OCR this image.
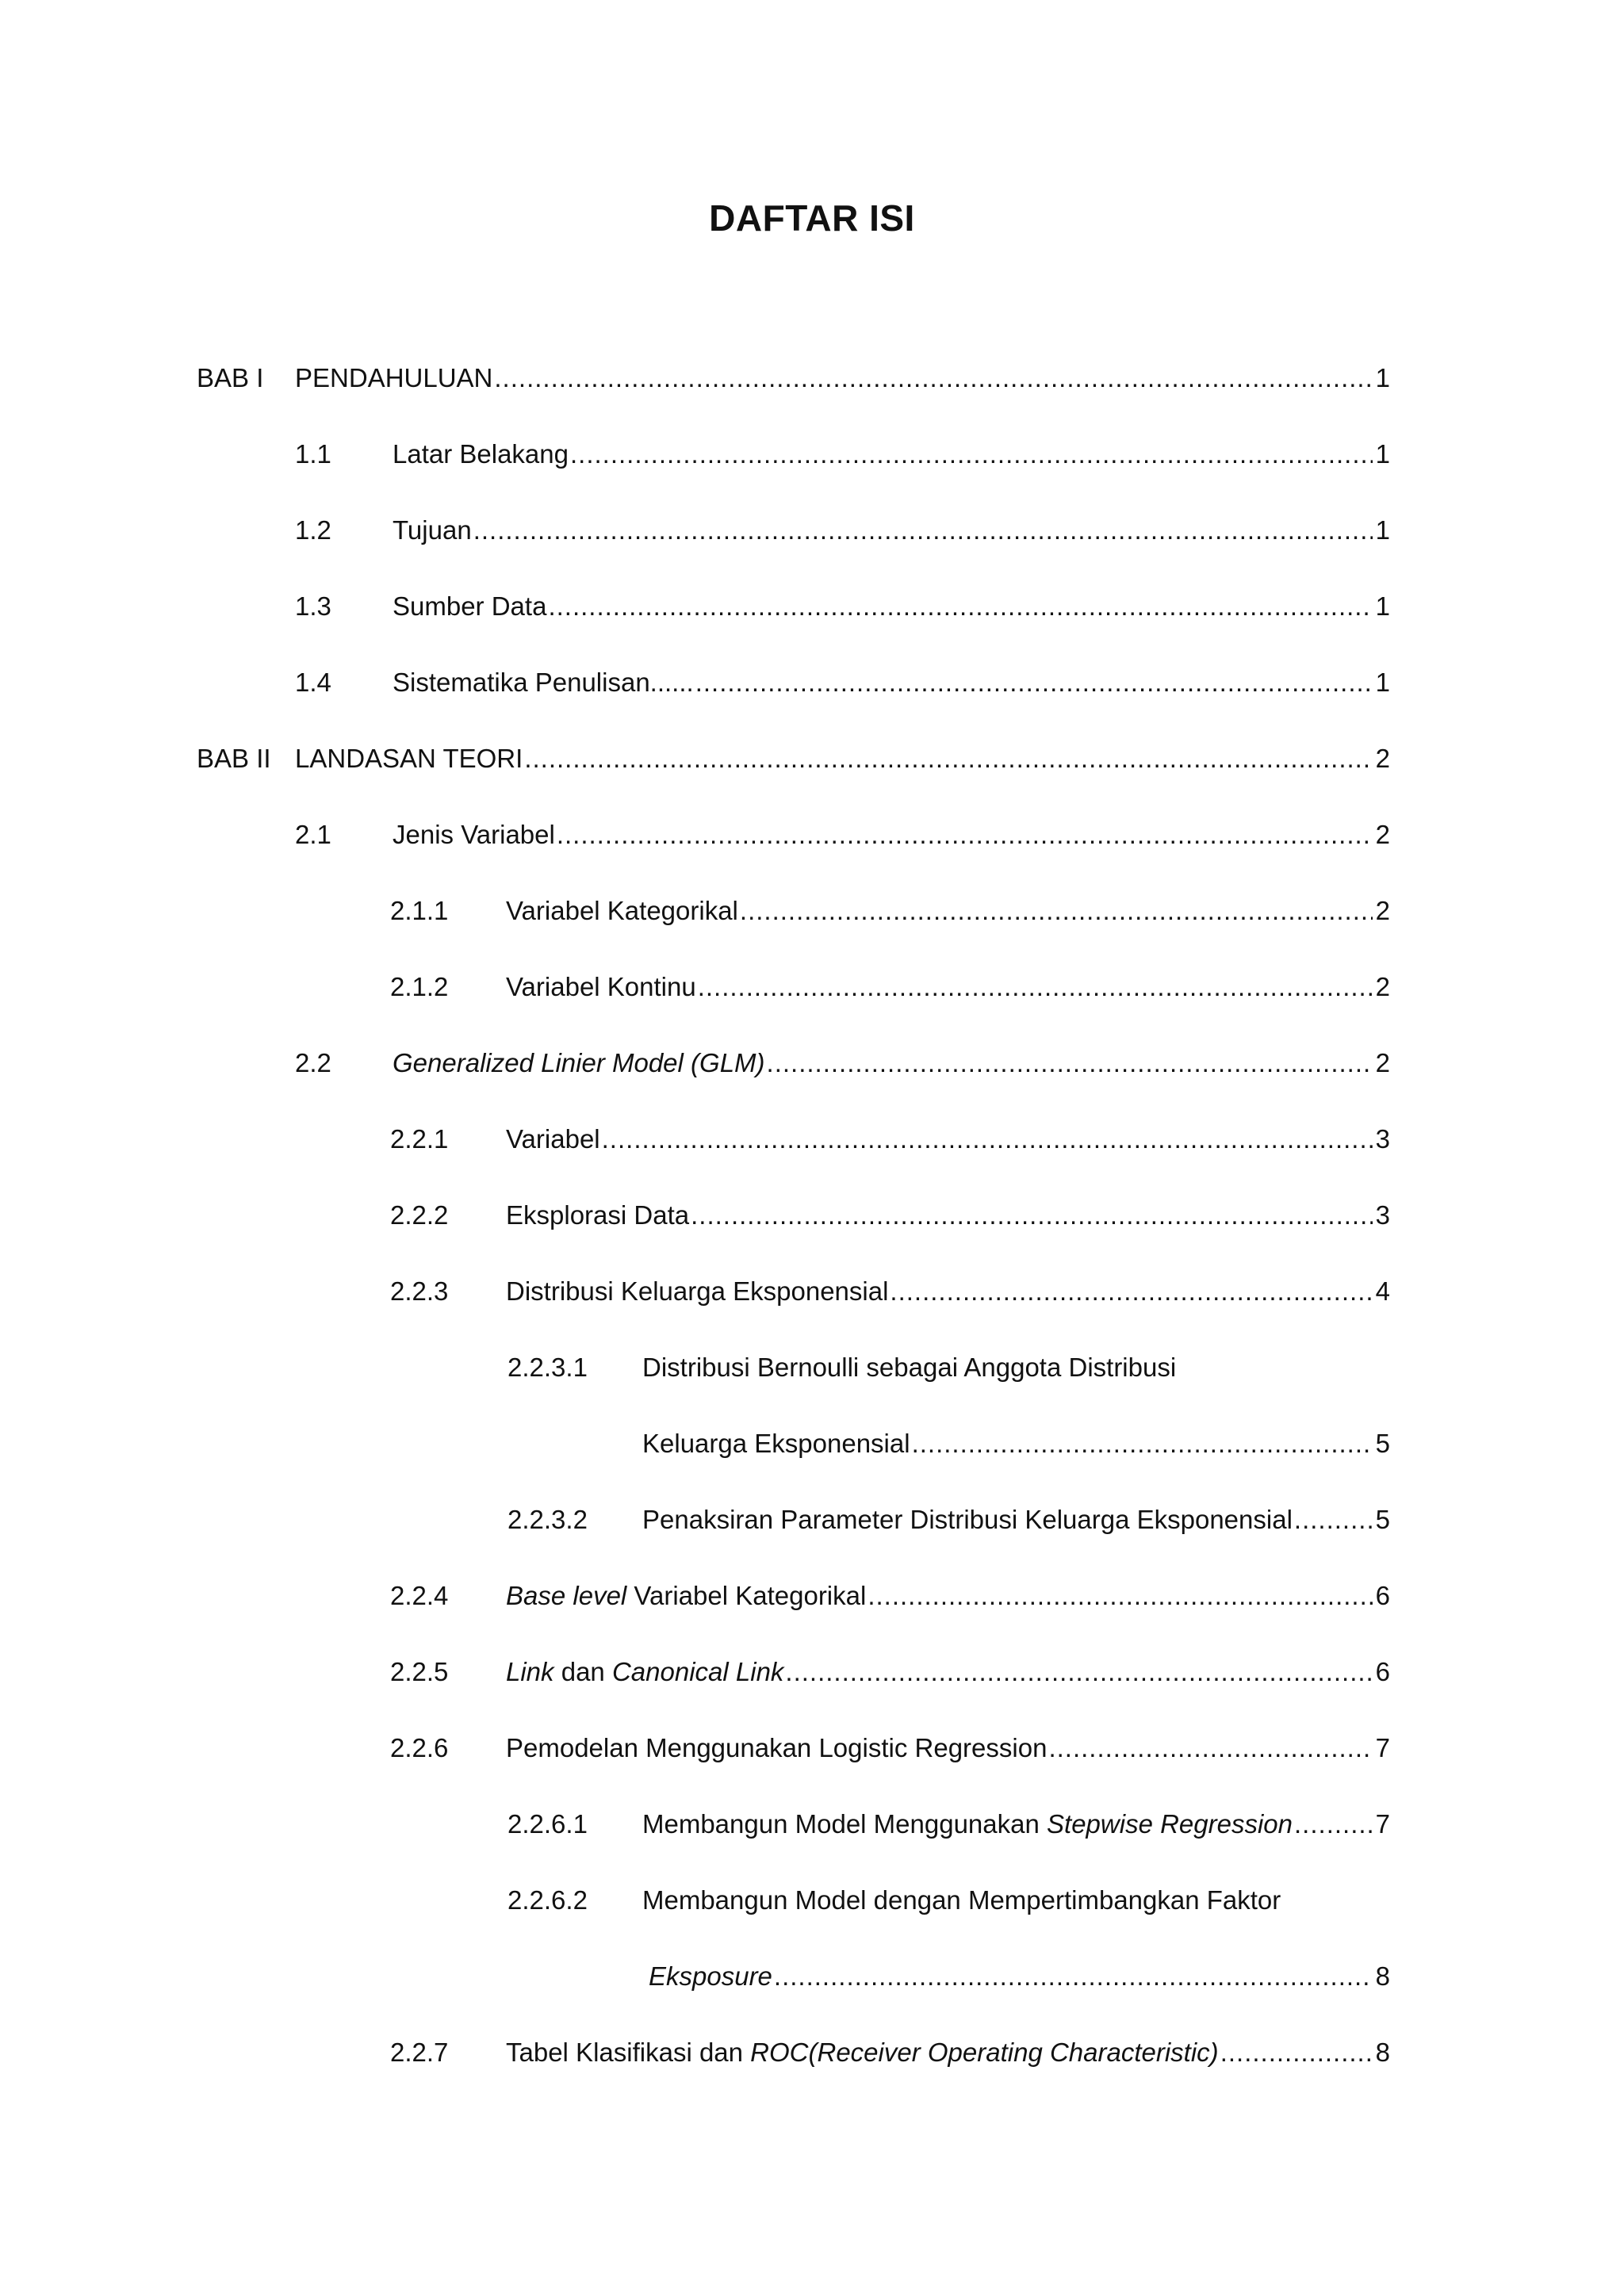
DAFTAR ISI
BAB I PENDAHULUAN .....	1
1.1 Latar Belakang .....	1
1.2 Tujuan .....	1
1.3 Sumber Data .....	1
1.4 Sistematika Penulisan...... .....	1
BAB II LANDASAN TEORI .....	2
2.1 Jenis Variabel .....	2
2.1.1 Variabel Kategorikal .....	2
2.1.2 Variabel Kontinu .....	2
2.2 Generalized Linier Model (GLM) .....	2
2.2.1 Variabel .....	3
2.2.2 Eksplorasi Data .....	3
2.2.3 Distribusi Keluarga Eksponensial .....	4
2.2.3.1 Distribusi Bernoulli sebagai Anggota Distribusi
Keluarga Eksponensial .....	5
2.2.3.2 Penaksiran Parameter Distribusi Keluarga Eksponensial .....	5
2.2.4 Base level Variabel Kategorikal .....	6
2.2.5 Link dan Canonical Link .....	6
2.2.6 Pemodelan Menggunakan Logistic Regression .....	7
2.2.6.1 Membangun Model Menggunakan Stepwise Regression .....	7
2.2.6.2 Membangun Model dengan Mempertimbangkan Faktor
Eksposure .....	8
2.2.7 Tabel Klasifikasi dan ROC(Receiver Operating Characteristic) .....	8
